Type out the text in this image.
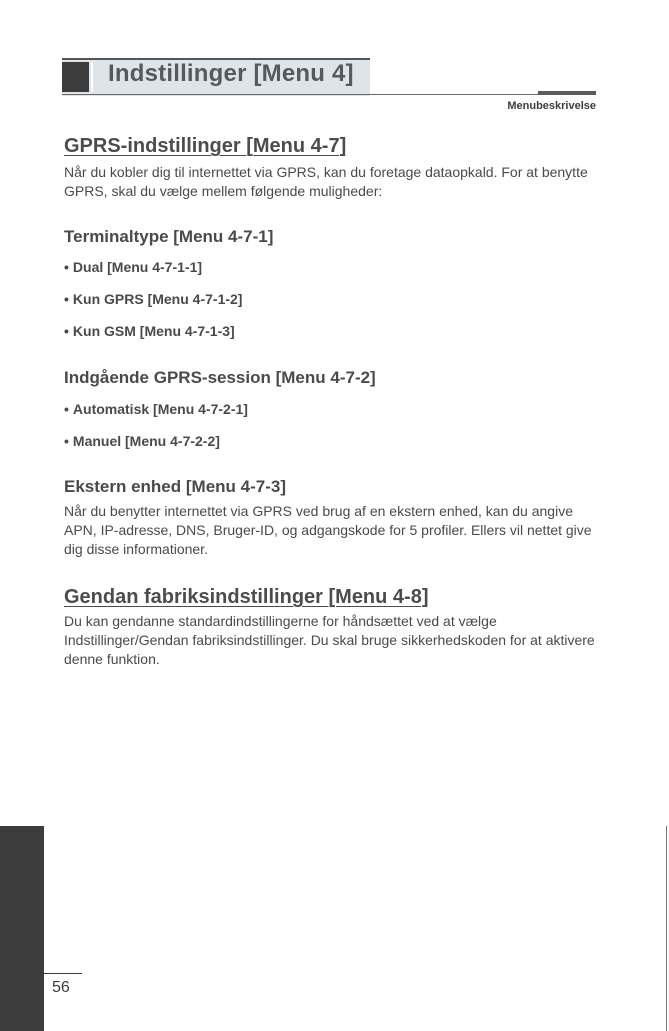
Indstillinger [Menu 4]
Menubeskrivelse
GPRS-indstillinger [Menu 4-7]

Når du kobler dig til internettet via GPRS, kan du foretage dataopkald. For at benytte GPRS, skal du vælge mellem følgende muligheder:

Terminaltype [Menu 4-7-1]
• Dual [Menu 4-7-1-1]
• Kun GPRS [Menu 4-7-1-2]
• Kun GSM [Menu 4-7-1-3]
Indgående GPRS-session [Menu 4-7-2]
• Automatisk [Menu 4-7-2-1]
• Manuel [Menu 4-7-2-2]
Ekstern enhed [Menu 4-7-3]

Når du benytter internettet via GPRS ved brug af en ekstern enhed, kan du angive APN, IP-adresse, DNS, Bruger-ID, og adgangskode for 5 profiler. Ellers vil nettet give dig disse informationer.

Gendan fabriksindstillinger [Menu 4-8]

Du kan gendanne standardindstillingerne for håndsættet ved at vælge Indstillinger/Gendan fabriksindstillinger. Du skal bruge sikkerhedskoden for at aktivere denne funktion.

56
